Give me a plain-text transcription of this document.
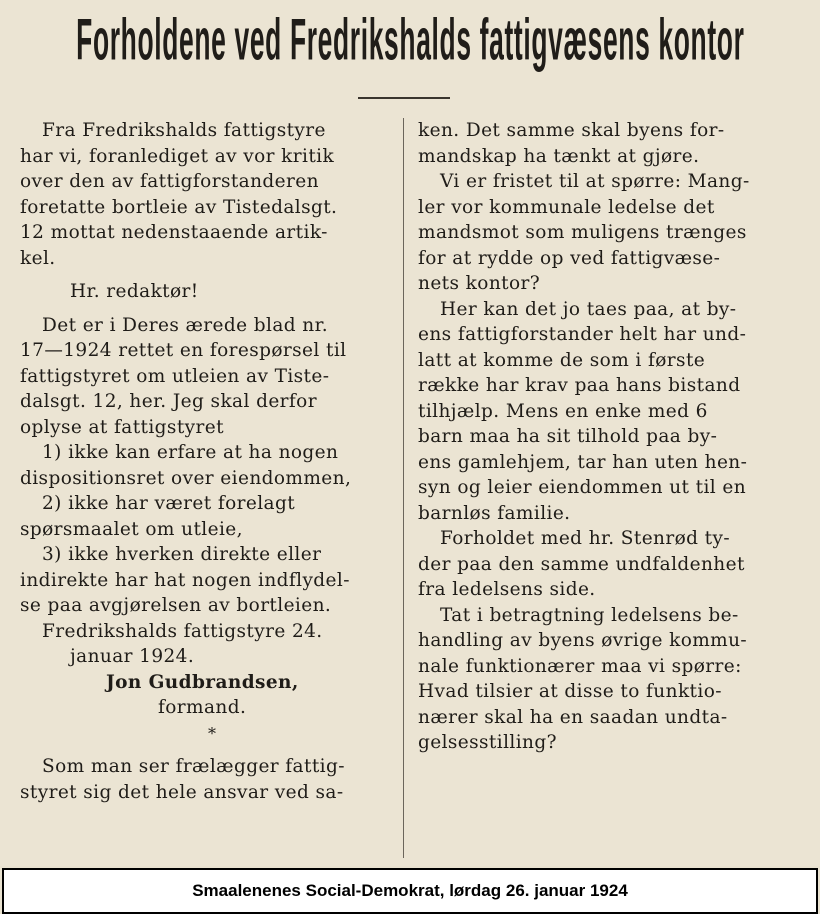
Forholdene ved Fredrikshalds fattigvæsens kontor
Fra Fredrikshalds fattigstyre
har vi, foranlediget av vor kritik
over den av fattigforstanderen
foretatte bortleie av Tistedalsgt.
12 mottat nedenstaaende artik-
kel.
Hr. redaktør!
Det er i Deres ærede blad nr.
17—1924 rettet en forespørsel til
fattigstyret om utleien av Tiste-
dalsgt. 12, her. Jeg skal derfor
oplyse at fattigstyret
1) ikke kan erfare at ha nogen
dispositionsret over eiendommen,
2) ikke har været forelagt
spørsmaalet om utleie,
3) ikke hverken direkte eller
indirekte har hat nogen indflydel-
se paa avgjørelsen av bortleien.
Fredrikshalds fattigstyre 24.
januar 1924.
Jon Gudbrandsen,
formand.
*
Som man ser frælægger fattig-
styret sig det hele ansvar ved sa-
ken. Det samme skal byens for-
mandskap ha tænkt at gjøre.
Vi er fristet til at spørre: Mang-
ler vor kommunale ledelse det
mandsmot som muligens trænges
for at rydde op ved fattigvæse-
nets kontor?
Her kan det jo taes paa, at by-
ens fattigforstander helt har und-
latt at komme de som i første
række har krav paa hans bistand
tilhjælp. Mens en enke med 6
barn maa ha sit tilhold paa by-
ens gamlehjem, tar han uten hen-
syn og leier eiendommen ut til en
barnløs familie.
Forholdet med hr. Stenrød ty-
der paa den samme undfaldenhet
fra ledelsens side.
Tat i betragtning ledelsens be-
handling av byens øvrige kommu-
nale funktionærer maa vi spørre:
Hvad tilsier at disse to funktio-
nærer skal ha en saadan undta-
gelsesstilling?
Smaalenenes Social-Demokrat, lørdag 26. januar 1924
